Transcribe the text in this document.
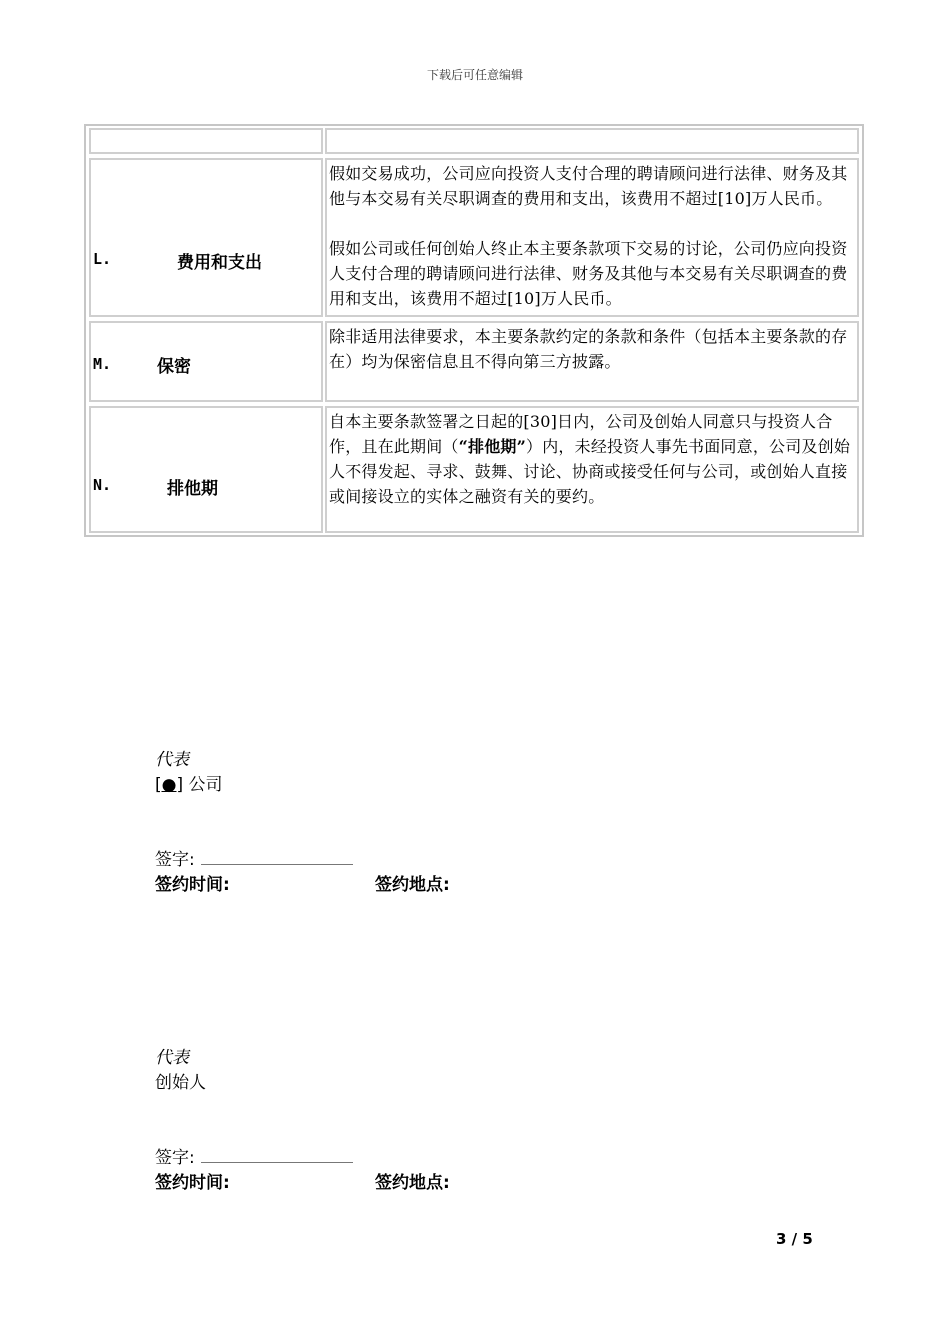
下载后可任意编辑
L.	费用和支出

假如交易成功，公司应向投资人支付合理的聘请顾问进行法律、财务及其他与本交易有关尽职调查的费用和支出，该费用不超过[10]万人民币。

假如公司或任何创始人终止本主要条款项下交易的讨论，公司仍应向投资人支付合理的聘请顾问进行法律、财务及其他与本交易有关尽职调查的费用和支出，该费用不超过[10]万人民币。

M.	保密

除非适用法律要求，本主要条款约定的条款和条件（包括本主要条款的存在）均为保密信息且不得向第三方披露。

N.	排他期

自本主要条款签署之日起的[30]日内，公司及创始人同意只与投资人合作，且在此期间（“排他期”）内，未经投资人事先书面同意，公司及创始人不得发起、寻求、鼓舞、讨论、协商或接受任何与公司，或创始人直接或间接设立的实体之融资有关的要约。

代表
[●] 公司
签字:
签约时间:	签约地点:
代表
创始人
签字:
签约时间:	签约地点:
3 / 5
